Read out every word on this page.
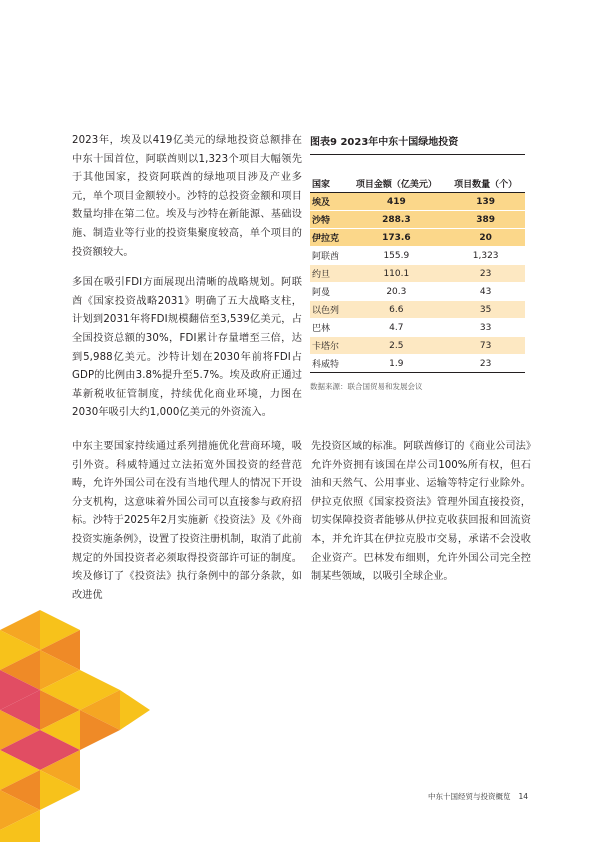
2023年，埃及以419亿美元的绿地投资总额排在中东十国首位，阿联酋则以1,323个项目大幅领先于其他国家，投资阿联酋的绿地项目涉及产业多元，单个项目金额较小。沙特的总投资金额和项目数量均排在第二位。埃及与沙特在新能源、基础设施、制造业等行业的投资集聚度较高，单个项目的投资额较大。

多国在吸引FDI方面展现出清晰的战略规划。阿联酋《国家投资战略2031》明确了五大战略支柱，计划到2031年将FDI规模翻倍至3,539亿美元，占全国投资总额的30%，FDI累计存量增至三倍，达到5,988亿美元。沙特计划在2030年前将FDI占GDP的比例由3.8%提升至5.7%。埃及政府正通过革新税收征管制度，持续优化商业环境，力图在2030年吸引大约1,000亿美元的外资流入。

图表9 2023年中东十国绿地投资
国家	项目金额（亿美元）	项目数量（个）
埃及	419	139
沙特	288.3	389
伊拉克	173.6	20
阿联酋	155.9	1,323
约旦	110.1	23
阿曼	20.3	43
以色列	6.6	35
巴林	4.7	33
卡塔尔	2.5	73
科威特	1.9	23
数据来源：联合国贸易和发展会议

中东主要国家持续通过系列措施优化营商环境，吸引外资。科威特通过立法拓宽外国投资的经营范畴，允许外国公司在没有当地代理人的情况下开设分支机构，这意味着外国公司可以直接参与政府招标。沙特于2025年2月实施新《投资法》及《外商投资实施条例》，设置了投资注册机制，取消了此前规定的外国投资者必须取得投资部许可证的制度。埃及修订了《投资法》执行条例中的部分条款，如改进优

先投资区域的标准。阿联酋修订的《商业公司法》允许外资拥有该国在岸公司100%所有权，但石油和天然气、公用事业、运输等特定行业除外。伊拉克依照《国家投资法》管理外国直接投资，切实保障投资者能够从伊拉克收获回报和回流资本，并允许其在伊拉克股市交易，承诺不会没收企业资产。巴林发布细则，允许外国公司完全控制某些领域，以吸引全球企业。

中东十国经贸与投资概览 14
